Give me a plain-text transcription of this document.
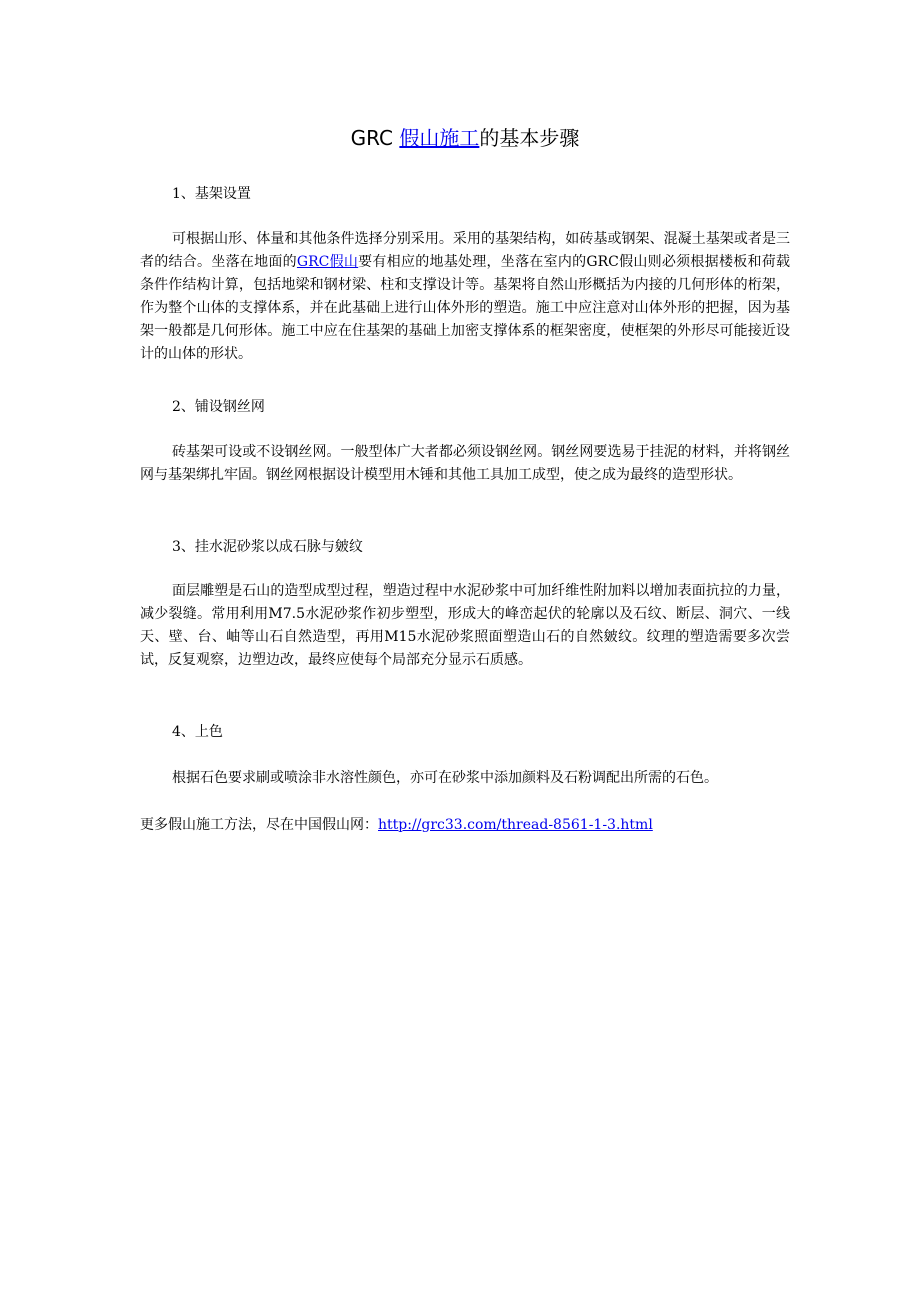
GRC 假山施工的基本步骤
1、基架设置

可根据山形、体量和其他条件选择分别采用。采用的基架结构，如砖基或钢架、混凝土基架或者是三者的结合。坐落在地面的GRC假山要有相应的地基处理，坐落在室内的GRC假山则必须根据楼板和荷载条件作结构计算，包括地梁和钢材梁、柱和支撑设计等。基架将自然山形概括为内接的几何形体的桁架，作为整个山体的支撑体系，并在此基础上进行山体外形的塑造。施工中应注意对山体外形的把握，因为基架一般都是几何形体。施工中应在住基架的基础上加密支撑体系的框架密度，使框架的外形尽可能接近设计的山体的形状。

2、铺设钢丝网

砖基架可设或不设钢丝网。一般型体广大者都必须设钢丝网。钢丝网要选易于挂泥的材料，并将钢丝网与基架绑扎牢固。钢丝网根据设计模型用木锤和其他工具加工成型，使之成为最终的造型形状。

3、挂水泥砂浆以成石脉与皴纹

面层雕塑是石山的造型成型过程，塑造过程中水泥砂浆中可加纤维性附加料以增加表面抗拉的力量，减少裂缝。常用利用M7.5水泥砂浆作初步塑型，形成大的峰峦起伏的轮廓以及石纹、断层、洞穴、一线天、壁、台、岫等山石自然造型，再用M15水泥砂浆照面塑造山石的自然皴纹。纹理的塑造需要多次尝试，反复观察，边塑边改，最终应使每个局部充分显示石质感。

4、上色

根据石色要求刷或喷涂非水溶性颜色，亦可在砂浆中添加颜料及石粉调配出所需的石色。

更多假山施工方法，尽在中国假山网：http://grc33.com/thread-8561-1-3.html
